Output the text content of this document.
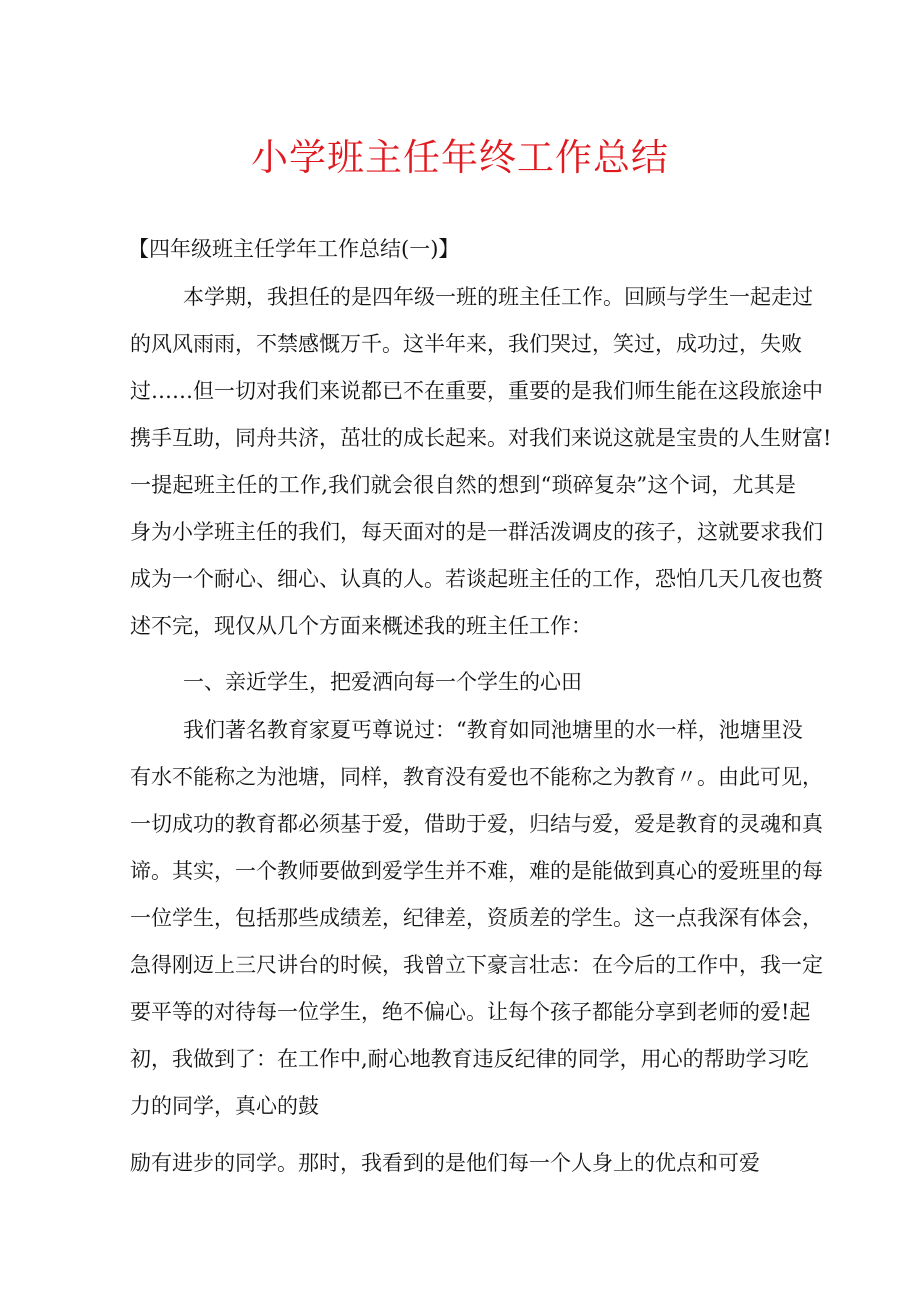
小学班主任年终工作总结

【四年级班主任学年工作总结(一)】

本学期，我担任的是四年级一班的班主任工作。回顾与学生一起走过

的风风雨雨，不禁感慨万千。这半年来，我们哭过，笑过，成功过，失败

过……但一切对我们来说都已不在重要，重要的是我们师生能在这段旅途中

携手互助，同舟共济，茁壮的成长起来。对我们来说这就是宝贵的人生财富!

一提起班主任的工作,我们就会很自然的想到“琐碎复杂”这个词，尤其是

身为小学班主任的我们，每天面对的是一群活泼调皮的孩子，这就要求我们

成为一个耐心、细心、认真的人。若谈起班主任的工作，恐怕几天几夜也赘

述不完，现仅从几个方面来概述我的班主任工作：

一、亲近学生，把爱洒向每一个学生的心田

我们著名教育家夏丐尊说过：“教育如同池塘里的水一样，池塘里没

有水不能称之为池塘，同样，教育没有爱也不能称之为教育〃。由此可见，

一切成功的教育都必须基于爱，借助于爱，归结与爱，爱是教育的灵魂和真

谛。其实，一个教师要做到爱学生并不难，难的是能做到真心的爱班里的每

一位学生，包括那些成绩差，纪律差，资质差的学生。这一点我深有体会，

急得刚迈上三尺讲台的时候，我曾立下豪言壮志：在今后的工作中，我一定

要平等的对待每一位学生，绝不偏心。让每个孩子都能分享到老师的爱!起

初，我做到了：在工作中,耐心地教育违反纪律的同学，用心的帮助学习吃

力的同学，真心的鼓

励有进步的同学。那时，我看到的是他们每一个人身上的优点和可爱
